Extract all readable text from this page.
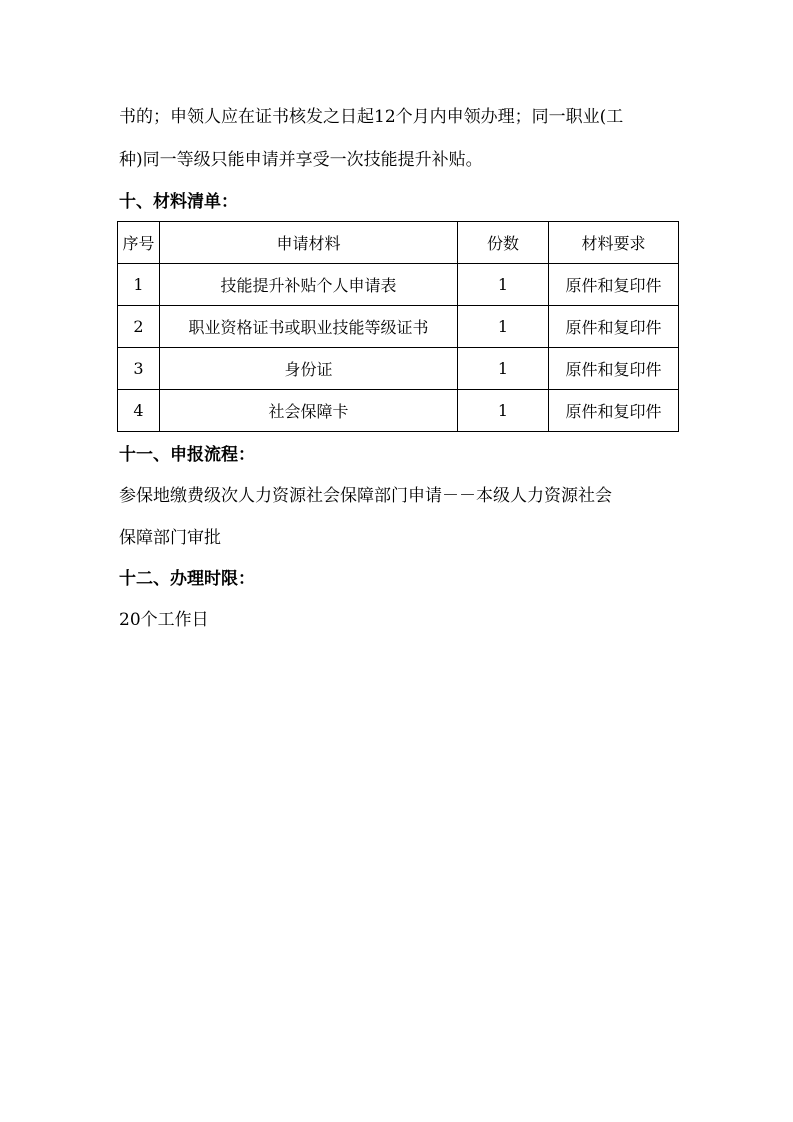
书的；申领人应在证书核发之日起12个月内申领办理；同一职业(工

种)同一等级只能申请并享受一次技能提升补贴。

十、材料清单：
序号	申请材料	份数	材料要求
1	技能提升补贴个人申请表	1	原件和复印件
2	职业资格证书或职业技能等级证书	1	原件和复印件
3	身份证	1	原件和复印件
4	社会保障卡	1	原件和复印件
十一、申报流程：

参保地缴费级次人力资源社会保障部门申请－－本级人力资源社会

保障部门审批

十二、办理时限：

20个工作日
